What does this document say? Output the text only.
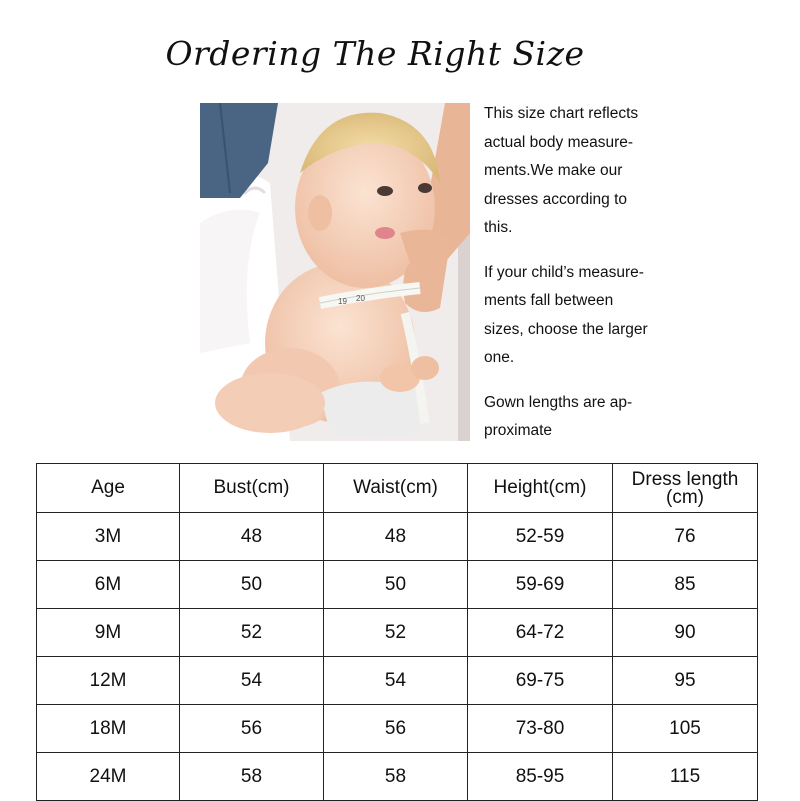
Ordering The Right Size
19 20

This size chart reflects
actual body measure-
ments.We make our
dresses according to
this.

If your child’s measure-
ments fall between
sizes, choose the larger
one.

Gown lengths are ap-
proximate

Age	Bust(cm)	Waist(cm)	Height(cm)	Dress length
(cm)

3M	48	48	52-59	76
6M	50	50	59-69	85
9M	52	52	64-72	90
12M	54	54	69-75	95
18M	56	56	73-80	105
24M	58	58	85-95	115
